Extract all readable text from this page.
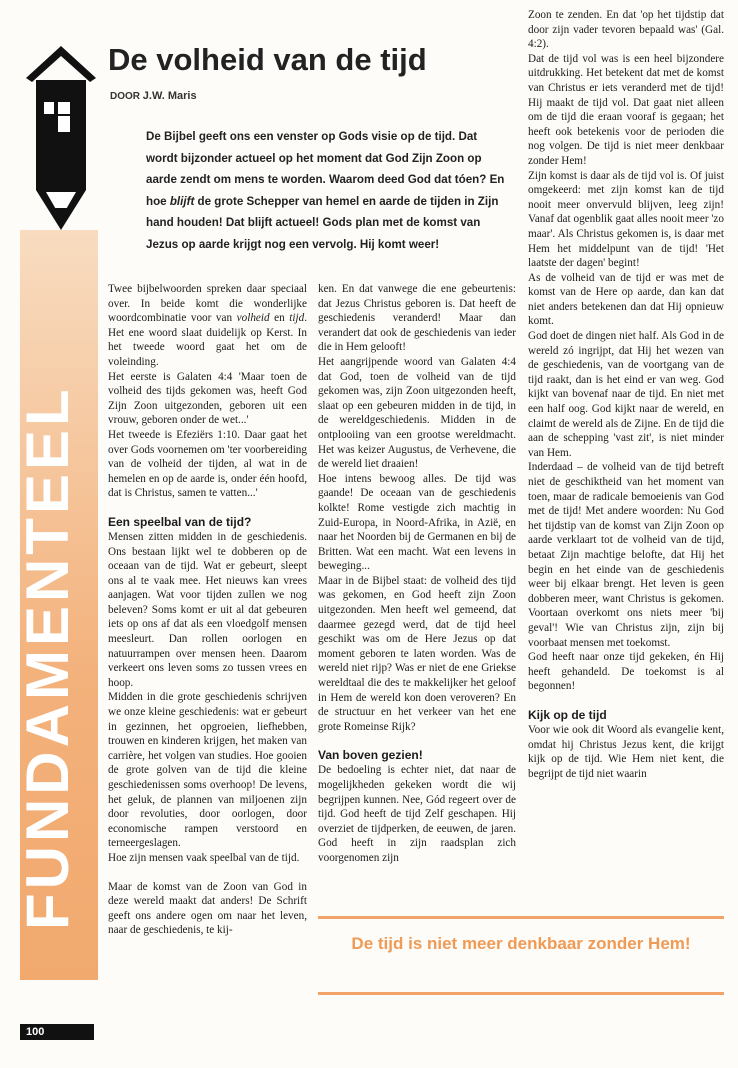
FUNDAMENTEEL
De volheid van de tijd
DOOR J.W. Maris

De Bijbel geeft ons een venster op Gods visie op de tijd. Dat wordt bijzonder actueel op het moment dat God Zijn Zoon op aarde zendt om mens te worden. Waarom deed God dat tóen? En hoe blijft de grote Schepper van hemel en aarde de tijden in Zijn hand houden! Dat blijft actueel! Gods plan met de komst van Jezus op aarde krijgt nog een vervolg. Hij komt weer!

Twee bijbelwoorden spreken daar speciaal over. In beide komt die wonderlijke woordcombinatie voor van volheid en tijd. Het ene woord slaat duidelijk op Kerst. In het tweede woord gaat het om de voleinding.

Het eerste is Galaten 4:4 'Maar toen de volheid des tijds gekomen was, heeft God Zijn Zoon uitgezonden, geboren uit een vrouw, geboren onder de wet...'

Het tweede is Efeziërs 1:10. Daar gaat het over Gods voornemen om 'ter voorbereiding van de volheid der tijden, al wat in de hemelen en op de aarde is, onder één hoofd, dat is Christus, samen te vatten...'

Een speelbal van de tijd?

Mensen zitten midden in de geschiedenis. Ons bestaan lijkt wel te dobberen op de oceaan van de tijd. Wat er gebeurt, sleept ons al te vaak mee. Het nieuws kan vrees aanjagen. Wat voor tijden zullen we nog beleven? Soms komt er uit al dat gebeuren iets op ons af dat als een vloedgolf mensen meesleurt. Dan rollen oorlogen en natuurrampen over mensen heen. Daarom verkeert ons leven soms zo tussen vrees en hoop.

Midden in die grote geschiedenis schrijven we onze kleine geschiedenis: wat er gebeurt in gezinnen, het opgroeien, liefhebben, trouwen en kinderen krijgen, het maken van carrière, het volgen van studies. Hoe gooien de grote golven van de tijd die kleine geschiedenissen soms overhoop! De levens, het geluk, de plannen van miljoenen zijn door revoluties, door oorlogen, door economische rampen verstoord en terneergeslagen.

Hoe zijn mensen vaak speelbal van de tijd.

Maar de komst van de Zoon van God in deze wereld maakt dat anders! De Schrift geeft ons andere ogen om naar het leven, naar de geschiedenis, te kij-

ken. En dat vanwege die ene gebeurtenis: dat Jezus Christus geboren is. Dat heeft de geschiedenis veranderd! Maar dan verandert dat ook de geschiedenis van ieder die in Hem gelooft!

Het aangrijpende woord van Galaten 4:4 dat God, toen de volheid van de tijd gekomen was, zijn Zoon uitgezonden heeft, slaat op een gebeuren midden in de tijd, in de wereldgeschiedenis. Midden in de ontplooiing van een grootse wereldmacht. Het was keizer Augustus, de Verhevene, die de wereld liet draaien!

Hoe intens bewoog alles. De tijd was gaande! De oceaan van de geschiedenis kolkte! Rome vestigde zich machtig in Zuid-Europa, in Noord-Afrika, in Azië, en naar het Noorden bij de Germanen en bij de Britten. Wat een macht. Wat een levens in beweging...

Maar in de Bijbel staat: de volheid des tijd was gekomen, en God heeft zijn Zoon uitgezonden. Men heeft wel gemeend, dat daarmee gezegd werd, dat de tijd heel geschikt was om de Here Jezus op dat moment geboren te laten worden. Was de wereld niet rijp? Was er niet de ene Griekse wereldtaal die des te makkelijker het geloof in Hem de wereld kon doen veroveren? En de structuur en het verkeer van het ene grote Romeinse Rijk?

Van boven gezien!

De bedoeling is echter niet, dat naar de mogelijkheden gekeken wordt die wij begrijpen kunnen. Nee, Gód regeert over de tijd. God heeft de tijd Zelf geschapen. Hij overziet de tijdperken, de eeuwen, de jaren. God heeft in zijn raadsplan zich voorgenomen zijn

Zoon te zenden. En dat 'op het tijdstip dat door zijn vader tevoren bepaald was' (Gal. 4:2).

Dat de tijd vol was is een heel bijzondere uitdrukking. Het betekent dat met de komst van Christus er iets veranderd met de tijd! Hij maakt de tijd vol. Dat gaat niet alleen om de tijd die eraan vooraf is gegaan; het heeft ook betekenis voor de perioden die nog volgen. De tijd is niet meer denkbaar zonder Hem!

Zijn komst is daar als de tijd vol is. Of juist omgekeerd: met zijn komst kan de tijd nooit meer onvervuld blijven, leeg zijn! Vanaf dat ogenblik gaat alles nooit meer 'zo maar'. Als Christus gekomen is, is daar met Hem het middelpunt van de tijd! 'Het laatste der dagen' begint!

As de volheid van de tijd er was met de komst van de Here op aarde, dan kan dat niet anders betekenen dan dat Hij opnieuw komt.

God doet de dingen niet half. Als God in de wereld zó ingrijpt, dat Hij het wezen van de geschiedenis, van de voortgang van de tijd raakt, dan is het eind er van weg. God kijkt van bovenaf naar de tijd. En niet met een half oog. God kijkt naar de wereld, en claimt de wereld als de Zijne. En de tijd die aan de schepping 'vast zit', is niet minder van Hem.

Inderdaad – de volheid van de tijd betreft niet de geschiktheid van het moment van toen, maar de radicale bemoeienis van God met de tijd! Met andere woorden: Nu God het tijdstip van de komst van Zijn Zoon op aarde verklaart tot de volheid van de tijd, betaat Zijn machtige belofte, dat Hij het begin en het einde van de geschiedenis weer bij elkaar brengt. Het leven is geen dobberen meer, want Christus is gekomen. Voortaan overkomt ons niets meer 'bij geval'! Wie van Christus zijn, zijn bij voorbaat mensen met toekomst.

God heeft naar onze tijd gekeken, én Hij heeft gehandeld. De toekomst is al begonnen!

Kijk op de tijd

Voor wie ook dit Woord als evangelie kent, omdat hij Christus Jezus kent, die krijgt kijk op de tijd. Wie Hem niet kent, die begrijpt de tijd niet waarin

De tijd is niet meer denkbaar zonder Hem!

100
